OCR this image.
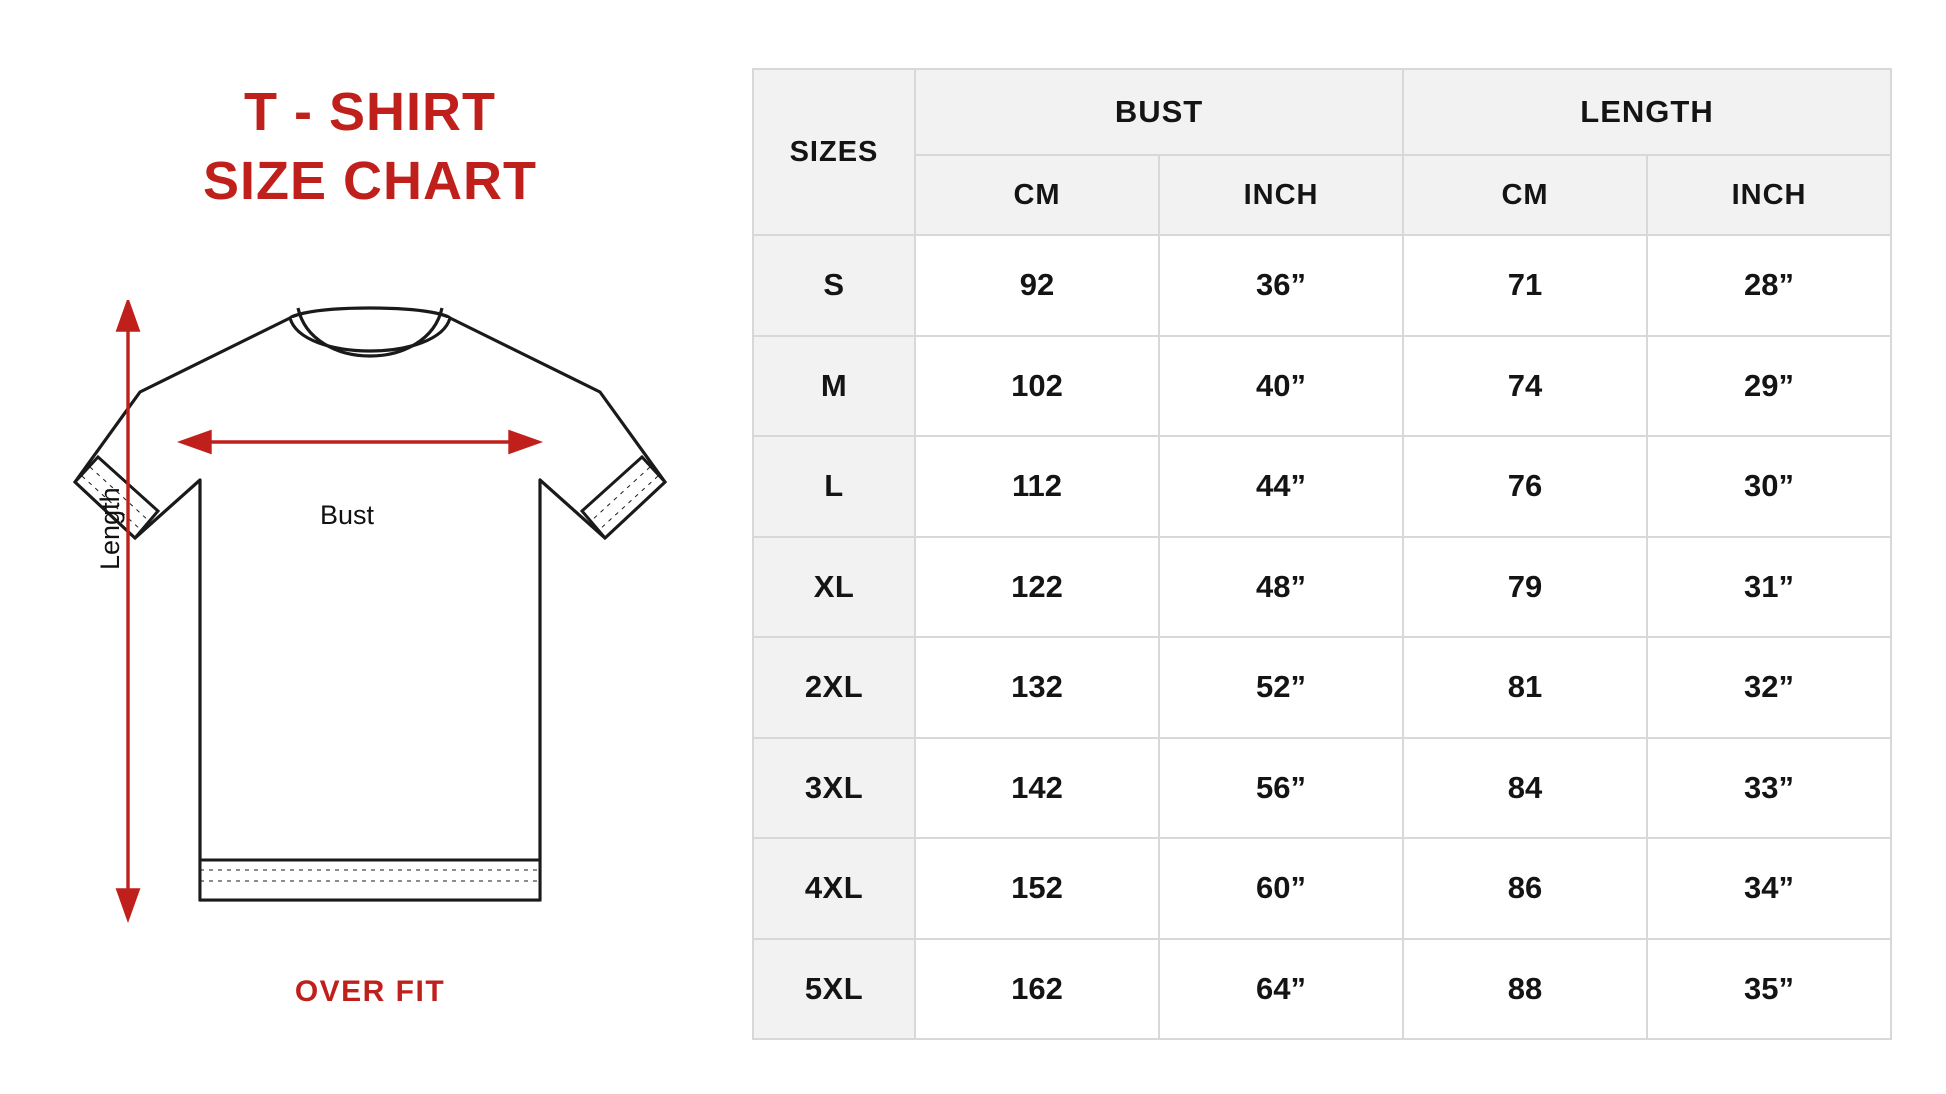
T - SHIRT
SIZE CHART
Bust
Length
OVER FIT
SIZES	BUST		LENGTH	
	CM	INCH	CM	INCH
S	92	36”	71	28”
M	102	40”	74	29”
L	112	44”	76	30”
XL	122	48”	79	31”
2XL	132	52”	81	32”
3XL	142	56”	84	33”
4XL	152	60”	86	34”
5XL	162	64”	88	35”
